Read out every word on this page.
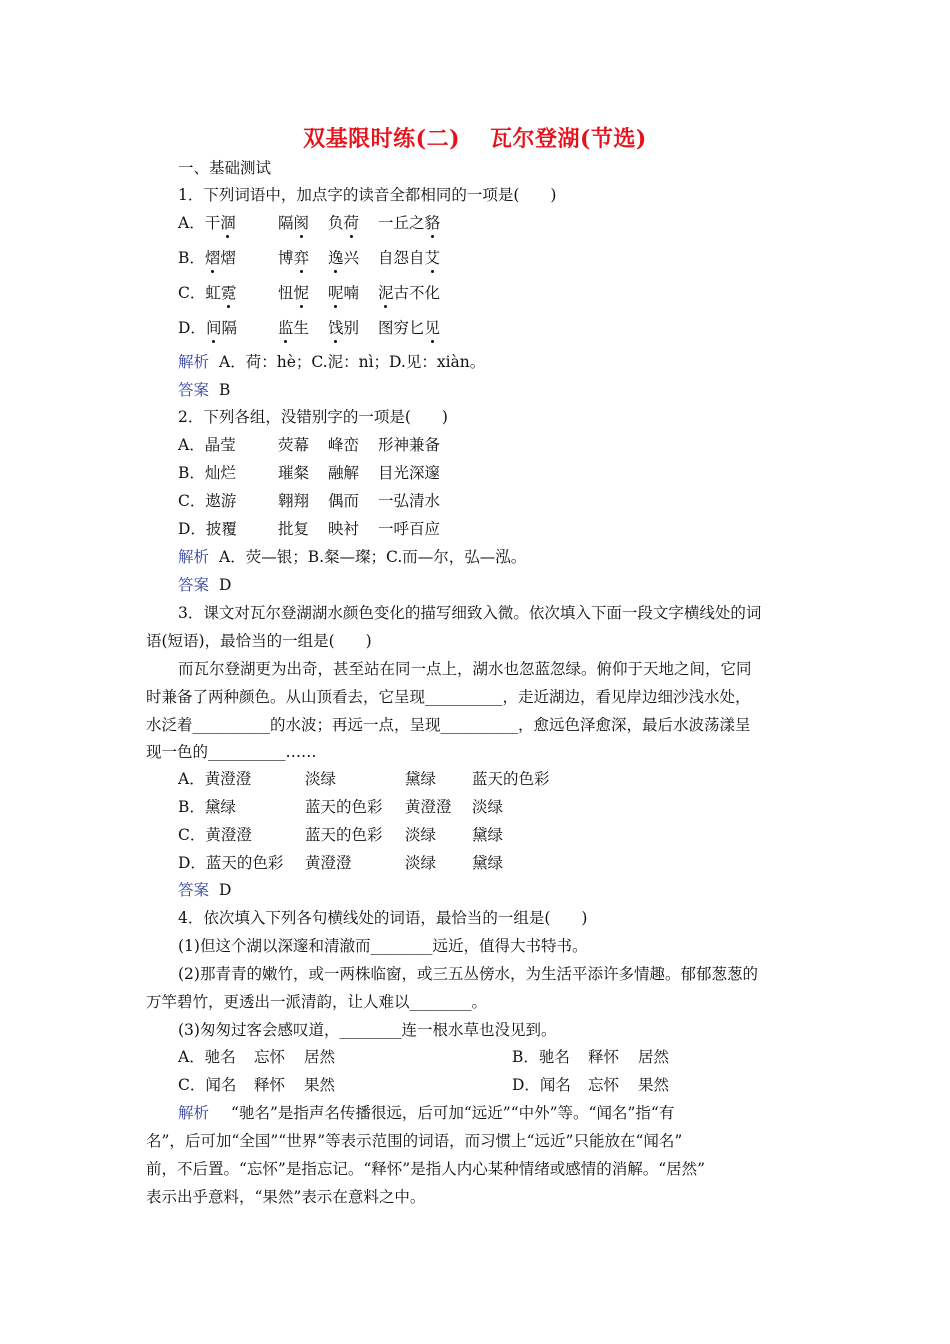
双基限时练(二) 瓦尔登湖(节选)
一、基础测试
1．下列词语中，加点字的读音全都相同的一项是(　　)
A．干涸	隔阂 负荷 一丘之貉
B．熠熠	博弈 逸兴 自怨自艾
C．虹霓	忸怩 呢喃 泥古不化
D．间隔	监生 饯别 图穷匕见
解析 A．荷：hè；C.泥：nì；D.见：xiàn。
答案 B
2．下列各组，没错别字的一项是(　　)
A．晶莹	荧幕 峰峦 形神兼备
B．灿烂	璀粲 融解 目光深邃
C．遨游	翱翔 偶而 一弘清水
D．披覆	批复 映衬 一呼百应
解析 A．荧—银；B.粲—璨；C.而—尔，弘—泓。
答案 D
3．课文对瓦尔登湖湖水颜色变化的描写细致入微。依次填入下面一段文字横线处的词
语(短语)，最恰当的一组是(　　)
而瓦尔登湖更为出奇，甚至站在同一点上，湖水也忽蓝忽绿。俯仰于天地之间，它同
时兼备了两种颜色。从山顶看去，它呈现__________，走近湖边，看见岸边细沙浅水处，
水泛着__________的水波；再远一点，呈现__________，愈远色泽愈深，最后水波荡漾呈
现一色的__________……
A．黄澄澄	淡绿	黛绿 蓝天的色彩
B．黛绿	蓝天的色彩 黄澄澄 淡绿
C．黄澄澄	蓝天的色彩 淡绿 黛绿
D．蓝天的色彩 黄澄澄	淡绿 黛绿
答案 D
4．依次填入下列各句横线处的词语，最恰当的一组是(　　)
(1)但这个湖以深邃和清澈而________远近，值得大书特书。
(2)那青青的嫩竹，或一两株临窗，或三五丛傍水，为生活平添许多情趣。郁郁葱葱的
万竿碧竹，更透出一派清韵，让人难以________。
(3)匆匆过客会感叹道，________连一根水草也没见到。
A．驰名 忘怀 居然	B．驰名 释怀 居然
C．闻名 释怀 果然	D．闻名 忘怀 果然
解析 “驰名”是指声名传播很远，后可加“远近”“中外”等。“闻名”指“有
名”，后可加“全国”“世界”等表示范围的词语，而习惯上“远近”只能放在“闻名”
前，不后置。“忘怀”是指忘记。“释怀”是指人内心某种情绪或感情的消解。“居然”
表示出乎意料，“果然”表示在意料之中。
